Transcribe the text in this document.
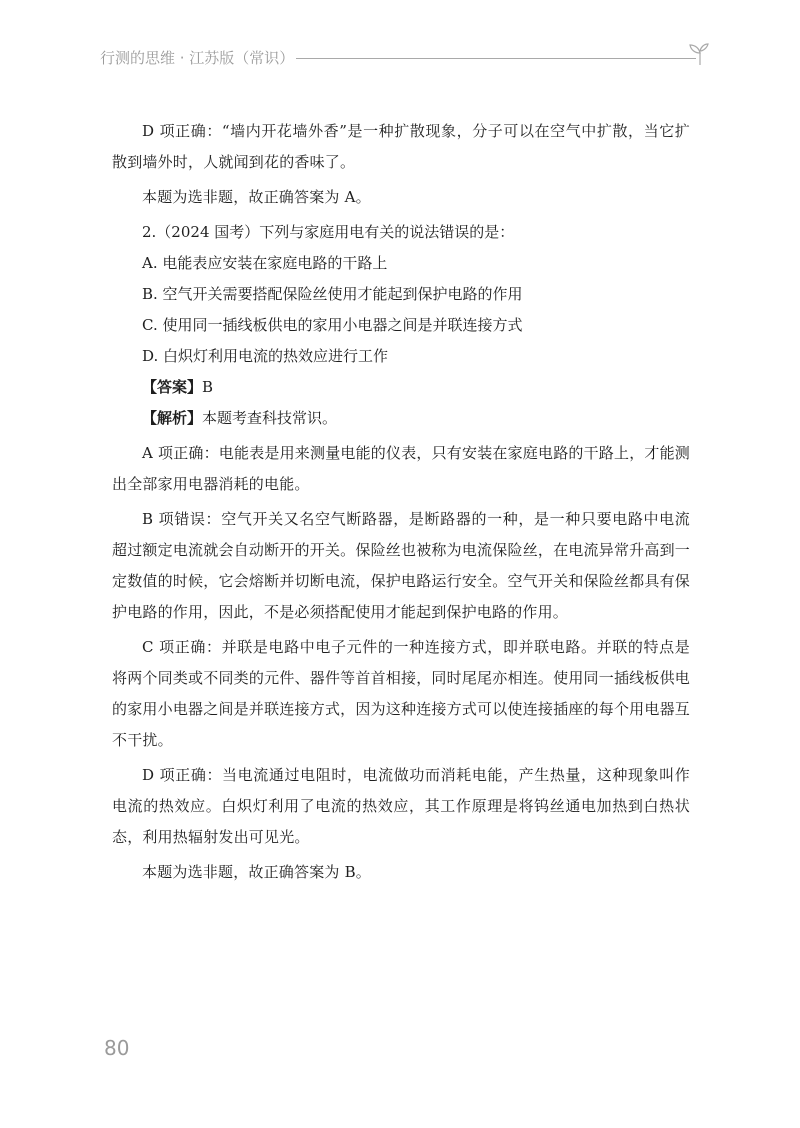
行测的思维 · 江苏版（常识）

D 项正确：“墙内开花墙外香”是一种扩散现象，分子可以在空气中扩散，当它扩散到墙外时，人就闻到花的香味了。

本题为选非题，故正确答案为 A。

2.（2024 国考）下列与家庭用电有关的说法错误的是：

A. 电能表应安装在家庭电路的干路上

B. 空气开关需要搭配保险丝使用才能起到保护电路的作用

C. 使用同一插线板供电的家用小电器之间是并联连接方式

D. 白炽灯利用电流的热效应进行工作

【答案】B

【解析】本题考查科技常识。

A 项正确：电能表是用来测量电能的仪表，只有安装在家庭电路的干路上，才能测出全部家用电器消耗的电能。

B 项错误：空气开关又名空气断路器，是断路器的一种，是一种只要电路中电流超过额定电流就会自动断开的开关。保险丝也被称为电流保险丝，在电流异常升高到一定数值的时候，它会熔断并切断电流，保护电路运行安全。空气开关和保险丝都具有保护电路的作用，因此，不是必须搭配使用才能起到保护电路的作用。

C 项正确：并联是电路中电子元件的一种连接方式，即并联电路。并联的特点是将两个同类或不同类的元件、器件等首首相接，同时尾尾亦相连。使用同一插线板供电的家用小电器之间是并联连接方式，因为这种连接方式可以使连接插座的每个用电器互不干扰。

D 项正确：当电流通过电阻时，电流做功而消耗电能，产生热量，这种现象叫作电流的热效应。白炽灯利用了电流的热效应，其工作原理是将钨丝通电加热到白热状态，利用热辐射发出可见光。

本题为选非题，故正确答案为 B。

80
